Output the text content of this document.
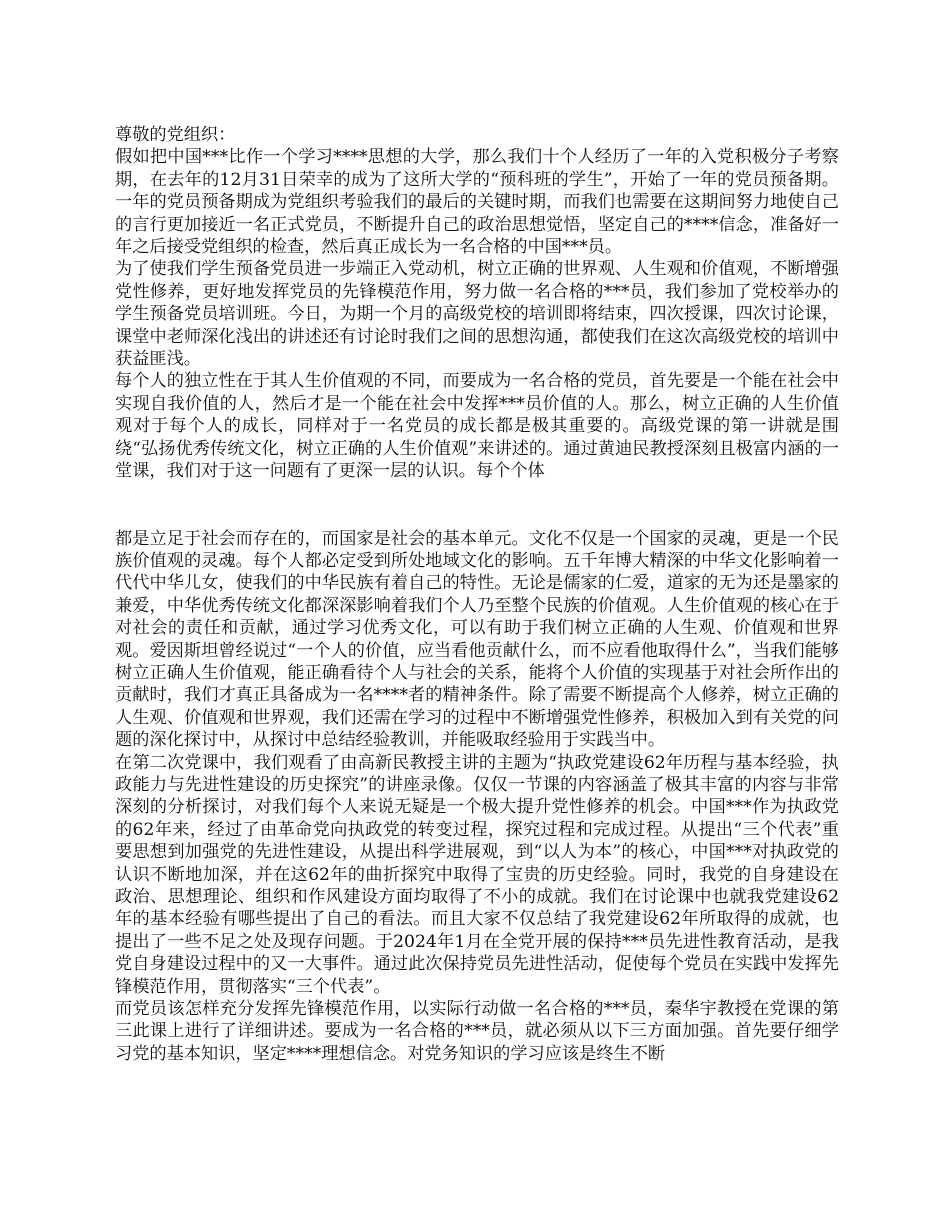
尊敬的党组织：

假如把中国***比作一个学习****思想的大学，那么我们十个人经历了一年的入党积极分子考察期，在去年的12月31日荣幸的成为了这所大学的“预科班的学生”，开始了一年的党员预备期。一年的党员预备期成为党组织考验我们的最后的关键时期，而我们也需要在这期间努力地使自己的言行更加接近一名正式党员，不断提升自己的政治思想觉悟，坚定自己的****信念，准备好一年之后接受党组织的检查，然后真正成长为一名合格的中国***员。

为了使我们学生预备党员进一步端正入党动机，树立正确的世界观、人生观和价值观，不断增强党性修养，更好地发挥党员的先锋模范作用，努力做一名合格的***员，我们参加了党校举办的学生预备党员培训班。今日，为期一个月的高级党校的培训即将结束，四次授课，四次讨论课，课堂中老师深化浅出的讲述还有讨论时我们之间的思想沟通，都使我们在这次高级党校的培训中获益匪浅。

每个人的独立性在于其人生价值观的不同，而要成为一名合格的党员，首先要是一个能在社会中实现自我价值的人，然后才是一个能在社会中发挥***员价值的人。那么，树立正确的人生价值观对于每个人的成长，同样对于一名党员的成长都是极其重要的。高级党课的第一讲就是围绕“弘扬优秀传统文化，树立正确的人生价值观”来讲述的。通过黄迪民教授深刻且极富内涵的一堂课，我们对于这一问题有了更深一层的认识。每个个体

都是立足于社会而存在的，而国家是社会的基本单元。文化不仅是一个国家的灵魂，更是一个民族价值观的灵魂。每个人都必定受到所处地域文化的影响。五千年博大精深的中华文化影响着一代代中华儿女，使我们的中华民族有着自己的特性。无论是儒家的仁爱，道家的无为还是墨家的兼爱，中华优秀传统文化都深深影响着我们个人乃至整个民族的价值观。人生价值观的核心在于对社会的责任和贡献，通过学习优秀文化，可以有助于我们树立正确的人生观、价值观和世界观。爱因斯坦曾经说过“一个人的价值，应当看他贡献什么，而不应看他取得什么”，当我们能够树立正确人生价值观，能正确看待个人与社会的关系，能将个人价值的实现基于对社会所作出的贡献时，我们才真正具备成为一名****者的精神条件。除了需要不断提高个人修养，树立正确的人生观、价值观和世界观，我们还需在学习的过程中不断增强党性修养，积极加入到有关党的问题的深化探讨中，从探讨中总结经验教训，并能吸取经验用于实践当中。

在第二次党课中，我们观看了由高新民教授主讲的主题为“执政党建设62年历程与基本经验，执政能力与先进性建设的历史探究”的讲座录像。仅仅一节课的内容涵盖了极其丰富的内容与非常深刻的分析探讨，对我们每个人来说无疑是一个极大提升党性修养的机会。中国***作为执政党的62年来，经过了由革命党向执政党的转变过程，探究过程和完成过程。从提出“三个代表”重要思想到加强党的先进性建设，从提出科学进展观，到“以人为本”的核心，中国***对执政党的认识不断地加深，并在这62年的曲折探究中取得了宝贵的历史经验。同时，我党的自身建设在政治、思想理论、组织和作风建设方面均取得了不小的成就。我们在讨论课中也就我党建设62年的基本经验有哪些提出了自己的看法。而且大家不仅总结了我党建设62年所取得的成就，也提出了一些不足之处及现存问题。于2024年1月在全党开展的保持***员先进性教育活动，是我党自身建设过程中的又一大事件。通过此次保持党员先进性活动，促使每个党员在实践中发挥先锋模范作用，贯彻落实“三个代表”。

而党员该怎样充分发挥先锋模范作用，以实际行动做一名合格的***员，秦华宇教授在党课的第三此课上进行了详细讲述。要成为一名合格的***员，就必须从以下三方面加强。首先要仔细学习党的基本知识，坚定****理想信念。对党务知识的学习应该是终生不断
